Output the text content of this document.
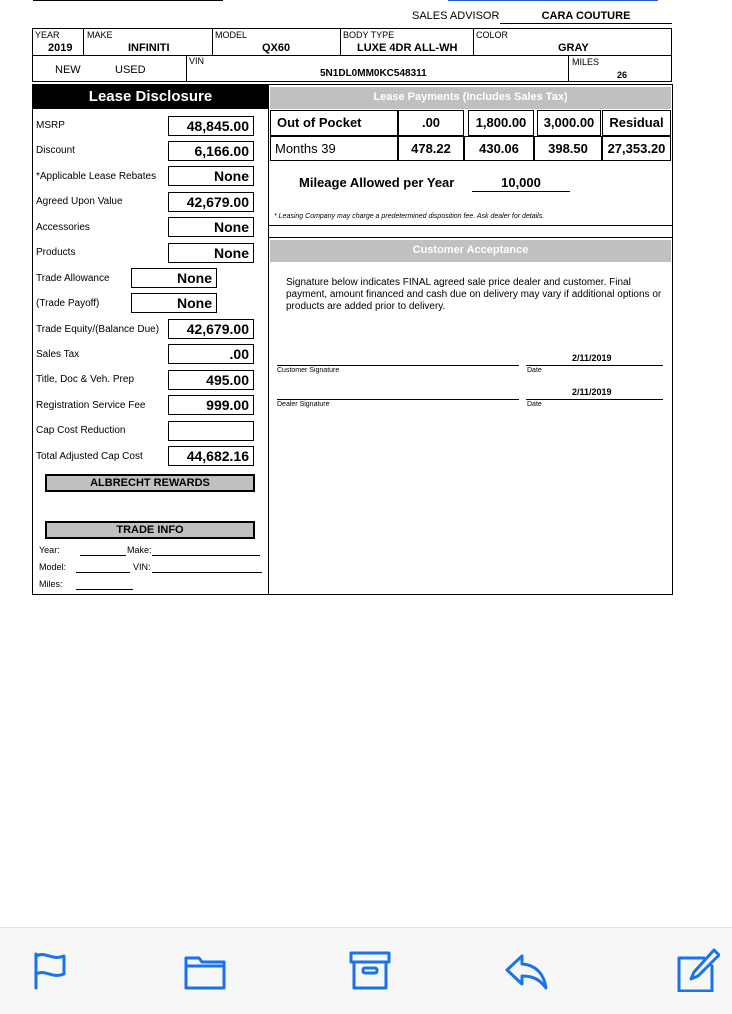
SALES ADVISOR	CARA COUTURE
YEAR
2019
MAKE
INFINITI
MODEL
QX60
BODY TYPE
LUXE 4DR ALL-WH
COLOR
GRAY
NEW	USED
VIN
5N1DL0MM0KC548311
MILES
26
Lease Disclosure
MSRP	48,845.00
Discount	6,166.00
*Applicable Lease Rebates	None
Agreed Upon Value	42,679.00
Accessories	None
Products	None
Trade Allowance	None
(Trade Payoff)	None
Trade Equity/(Balance Due)	42,679.00
Sales Tax	.00
Title, Doc & Veh. Prep	495.00
Registration Service Fee	999.00
Cap Cost Reduction
Total Adjusted Cap Cost	44,682.16
ALBRECHT REWARDS
TRADE INFO
Year:	Make:
Model:	VIN:
Miles:
Lease Payments (Includes Sales Tax)
Out of Pocket	.00	1,800.00	3,000.00	Residual
Months 39	478.22	430.06	398.50	27,353.20
Mileage Allowed per Year	10,000
* Leasing Company may charge a predetermined disposition fee. Ask dealer for details.
Customer Acceptance
Signature below indicates FINAL agreed sale price dealer and customer. Final payment, amount financed and cash due on delivery may vary if additional options or products are added prior to delivery.
Customer Signature
2/11/2019
Date
Dealer Signature
2/11/2019
Date
